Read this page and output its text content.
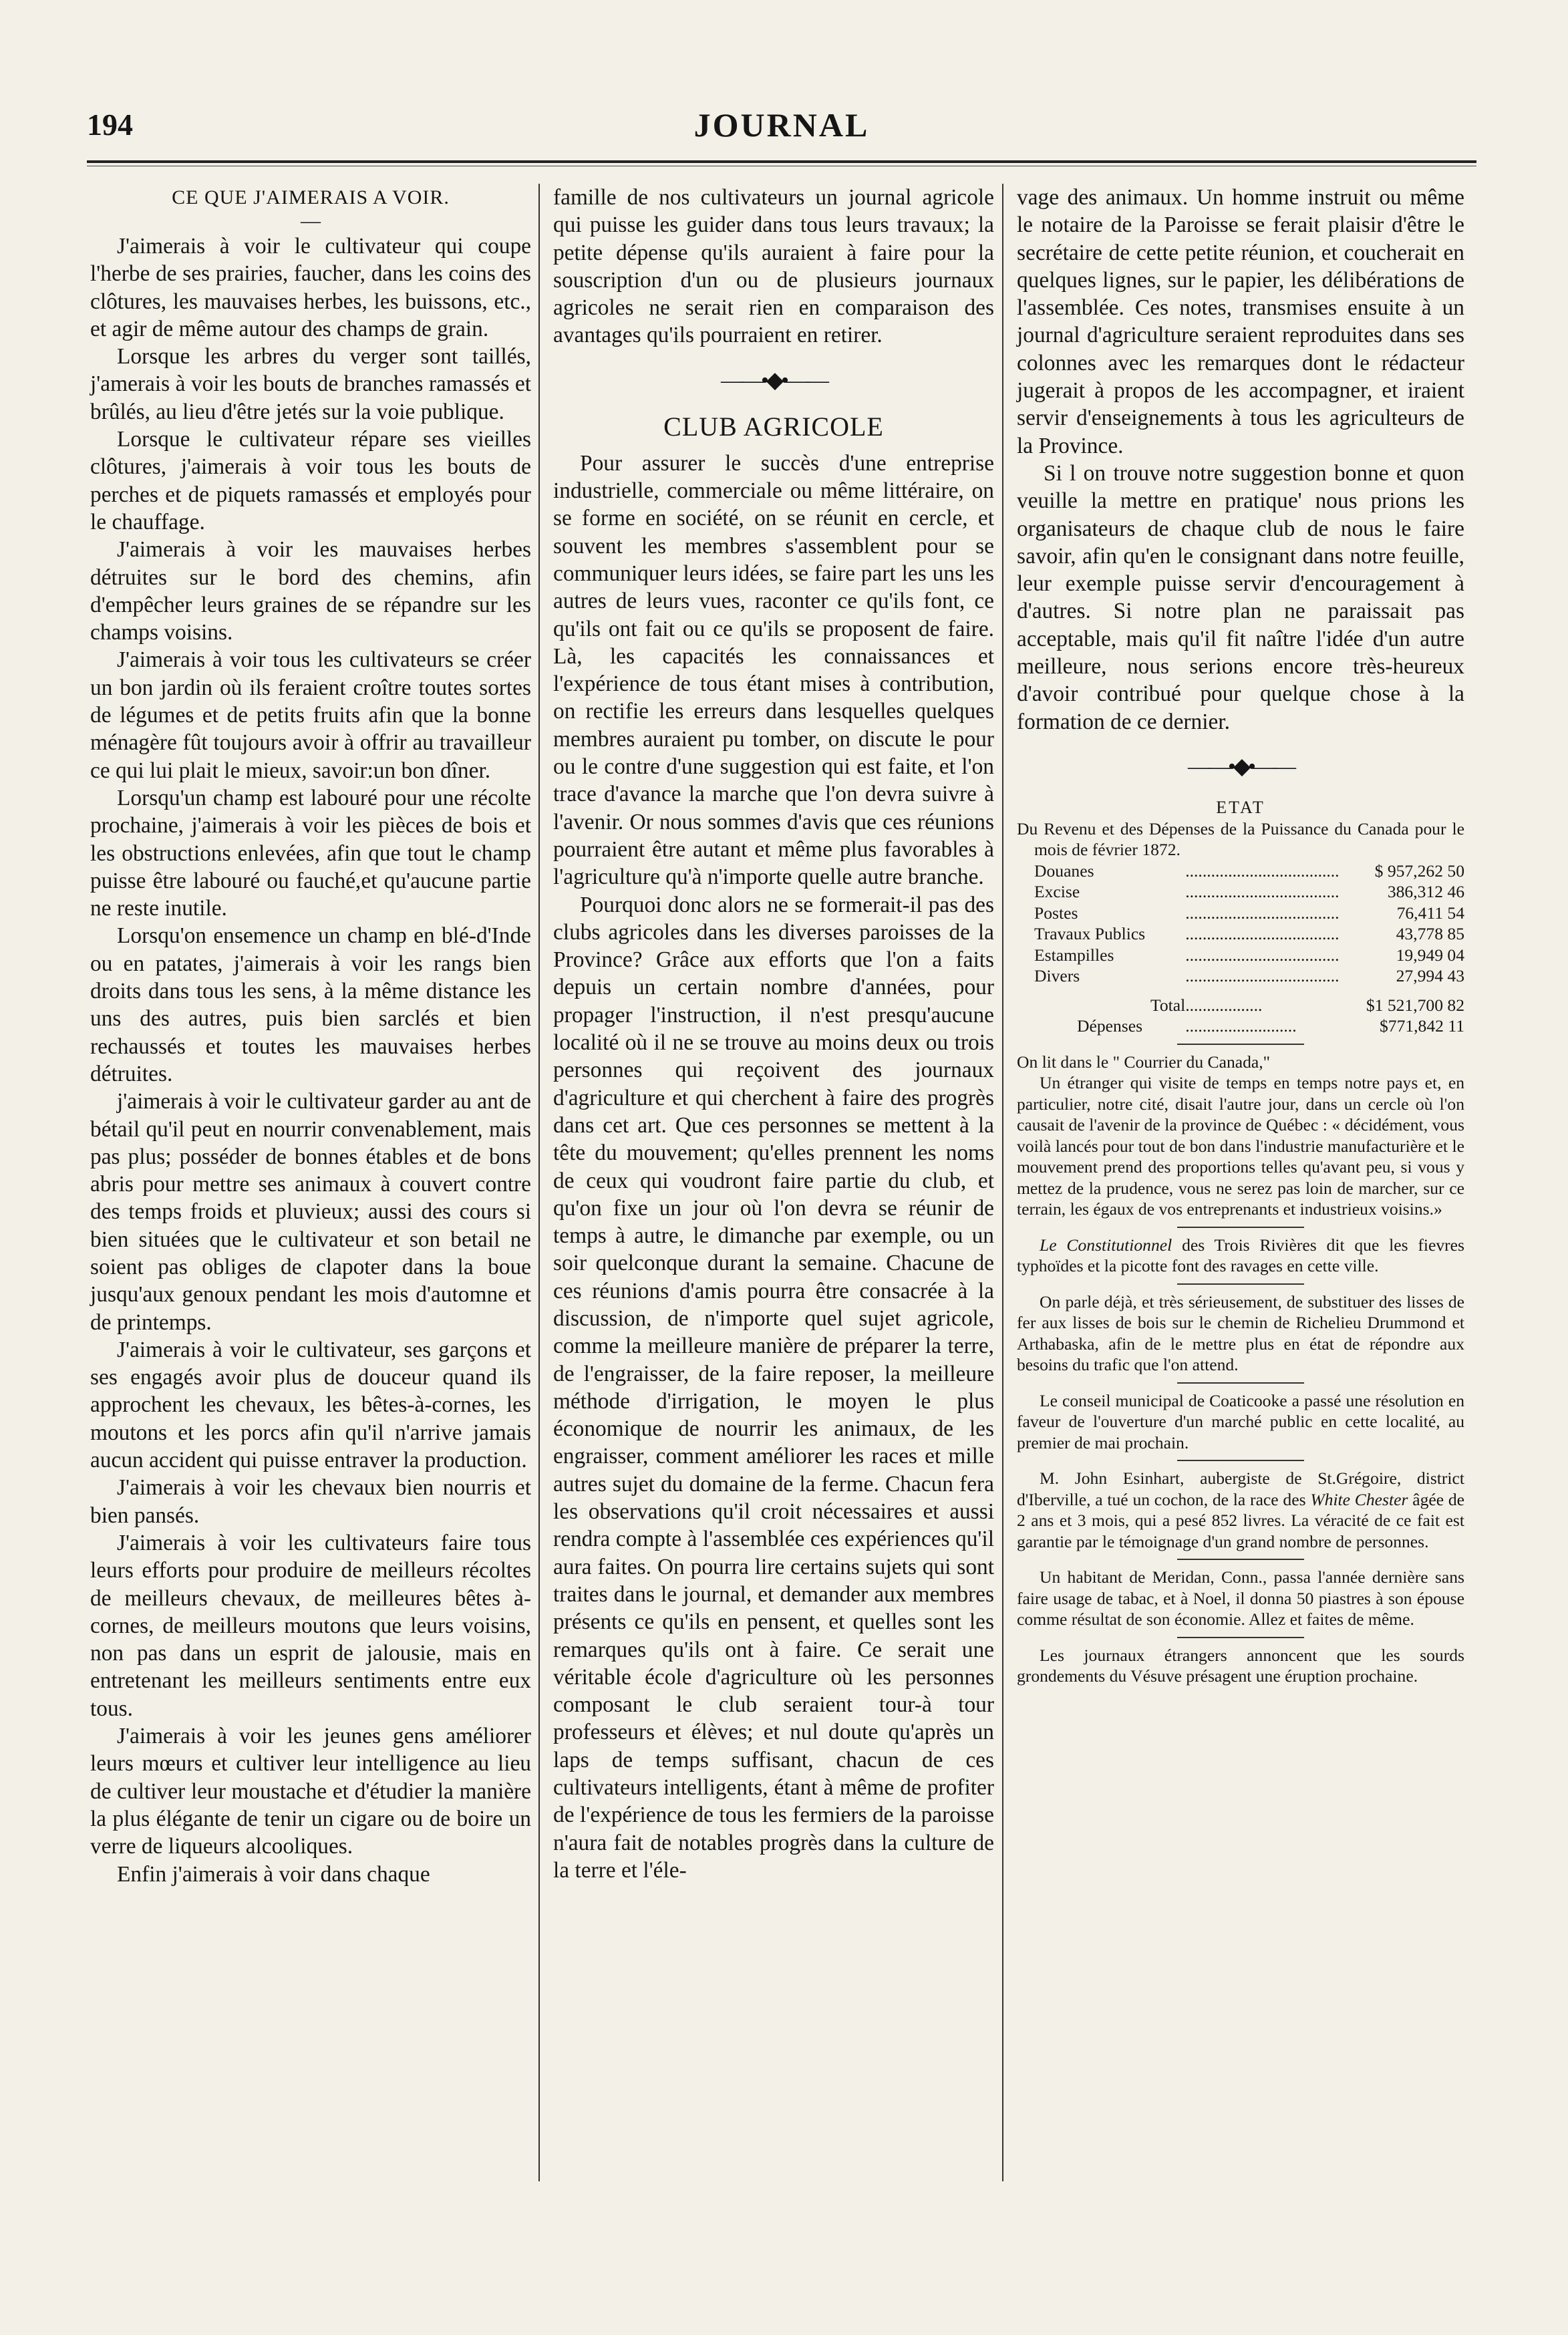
194	JOURNAL
CE QUE J'AIMERAIS A VOIR.
—

J'aimerais à voir le cultivateur qui coupe l'herbe de ses prairies, faucher, dans les coins des clôtures, les mauvaises herbes, les buissons, etc., et agir de même autour des champs de grain.

Lorsque les arbres du verger sont taillés, j'amerais à voir les bouts de branches ramassés et brûlés, au lieu d'être jetés sur la voie publique.

Lorsque le cultivateur répare ses vieilles clôtures, j'aimerais à voir tous les bouts de perches et de piquets ramassés et employés pour le chauffage.

J'aimerais à voir les mauvaises herbes détruites sur le bord des chemins, afin d'empêcher leurs graines de se répandre sur les champs voisins.

J'aimerais à voir tous les cultivateurs se créer un bon jardin où ils feraient croître toutes sortes de légumes et de petits fruits afin que la bonne ménagère fût toujours avoir à offrir au travailleur ce qui lui plait le mieux, savoir:un bon dîner.

Lorsqu'un champ est labouré pour une récolte prochaine, j'aimerais à voir les pièces de bois et les obstructions enlevées, afin que tout le champ puisse être labouré ou fauché,et qu'aucune partie ne reste inutile.

Lorsqu'on ensemence un champ en blé-d'Inde ou en patates, j'aimerais à voir les rangs bien droits dans tous les sens, à la même distance les uns des autres, puis bien sarclés et bien rechaussés et toutes les mauvaises herbes détruites.

j'aimerais à voir le cultivateur garder au ant de bétail qu'il peut en nourrir convenablement, mais pas plus; posséder de bonnes étables et de bons abris pour mettre ses animaux à couvert contre des temps froids et pluvieux; aussi des cours si bien situées que le cultivateur et son betail ne soient pas obliges de clapoter dans la boue jusqu'aux genoux pendant les mois d'automne et de printemps.

J'aimerais à voir le cultivateur, ses garçons et ses engagés avoir plus de douceur quand ils approchent les chevaux, les bêtes-à-cornes, les moutons et les porcs afin qu'il n'arrive jamais aucun accident qui puisse entraver la production.

J'aimerais à voir les chevaux bien nourris et bien pansés.

J'aimerais à voir les cultivateurs faire tous leurs efforts pour produire de meilleurs récoltes de meilleurs chevaux, de meilleures bêtes à-cornes, de meilleurs moutons que leurs voisins, non pas dans un esprit de jalousie, mais en entretenant les meilleurs sentiments entre eux tous.

J'aimerais à voir les jeunes gens améliorer leurs mœurs et cultiver leur intelligence au lieu de cultiver leur moustache et d'étudier la manière la plus élégante de tenir un cigare ou de boire un verre de liqueurs alcooliques.

Enfin j'aimerais à voir dans chaque

famille de nos cultivateurs un journal agricole qui puisse les guider dans tous leurs travaux; la petite dépense qu'ils auraient à faire pour la souscription d'un ou de plusieurs journaux agricoles ne serait rien en comparaison des avantages qu'ils pourraient en retirer.

——•◆•——
CLUB AGRICOLE

Pour assurer le succès d'une entreprise industrielle, commerciale ou même littéraire, on se forme en société, on se réunit en cercle, et souvent les membres s'assemblent pour se communiquer leurs idées, se faire part les uns les autres de leurs vues, raconter ce qu'ils font, ce qu'ils ont fait ou ce qu'ils se proposent de faire. Là, les capacités les connaissances et l'expérience de tous étant mises à contribution, on rectifie les erreurs dans lesquelles quelques membres auraient pu tomber, on discute le pour ou le contre d'une suggestion qui est faite, et l'on trace d'avance la marche que l'on devra suivre à l'avenir. Or nous sommes d'avis que ces réunions pourraient être autant et même plus favorables à l'agriculture qu'à n'importe quelle autre branche.

Pourquoi donc alors ne se formerait-il pas des clubs agricoles dans les diverses paroisses de la Province? Grâce aux efforts que l'on a faits depuis un certain nombre d'années, pour propager l'instruction, il n'est presqu'aucune localité où il ne se trouve au moins deux ou trois personnes qui reçoivent des journaux d'agriculture et qui cherchent à faire des progrès dans cet art. Que ces personnes se mettent à la tête du mouvement; qu'elles prennent les noms de ceux qui voudront faire partie du club, et qu'on fixe un jour où l'on devra se réunir de temps à autre, le dimanche par exemple, ou un soir quelconque durant la semaine. Chacune de ces réunions d'amis pourra être consacrée à la discussion, de n'importe quel sujet agricole, comme la meilleure manière de préparer la terre, de l'engraisser, de la faire reposer, la meilleure méthode d'irrigation, le moyen le plus économique de nourrir les animaux, de les engraisser, comment améliorer les races et mille autres sujet du domaine de la ferme. Chacun fera les observations qu'il croit nécessaires et aussi rendra compte à l'assemblée ces expériences qu'il aura faites. On pourra lire certains sujets qui sont traites dans le journal, et demander aux membres présents ce qu'ils en pensent, et quelles sont les remarques qu'ils ont à faire. Ce serait une véritable école d'agriculture où les personnes composant le club seraient tour-à tour professeurs et élèves; et nul doute qu'après un laps de temps suffisant, chacun de ces cultivateurs intelligents, étant à même de profiter de l'expérience de tous les fermiers de la paroisse n'aura fait de notables progrès dans la culture de la terre et l'éle-

vage des animaux. Un homme instruit ou même le notaire de la Paroisse se ferait plaisir d'être le secrétaire de cette petite réunion, et coucherait en quelques lignes, sur le papier, les délibérations de l'assemblée. Ces notes, transmises ensuite à un journal d'agriculture seraient reproduites dans ses colonnes avec les remarques dont le rédacteur jugerait à propos de les accompagner, et iraient servir d'enseignements à tous les agriculteurs de la Province.

Si l on trouve notre suggestion bonne et quon veuille la mettre en pratique' nous prions les organisateurs de chaque club de nous le faire savoir, afin qu'en le consignant dans notre feuille, leur exemple puisse servir d'encouragement à d'autres. Si notre plan ne paraissait pas acceptable, mais qu'il fit naître l'idée d'un autre meilleure, nous serions encore très-heureux d'avoir contribué pour quelque chose à la formation de ce dernier.

——•◆•——
ETAT

Du Revenu et des Dépenses de la Puissance du Canada pour le mois de février 1872.

Douanes	....................................	$ 957,262 50
Excise	....................................	386,312 46
Postes	....................................	76,411 54
Travaux Publics	....................................	43,778 85
Estampilles	....................................	19,949 04
Divers	....................................	27,994 43
Total	..................	$1 521,700 82
Dépenses	..........................	$771,842 11

On lit dans le " Courrier du Canada,"

Un étranger qui visite de temps en temps notre pays et, en particulier, notre cité, disait l'autre jour, dans un cercle où l'on causait de l'avenir de la province de Québec : « décidément, vous voilà lancés pour tout de bon dans l'industrie manufacturière et le mouvement prend des proportions telles qu'avant peu, si vous y mettez de la prudence, vous ne serez pas loin de marcher, sur ce terrain, les égaux de vos entreprenants et industrieux voisins.»

Le Constitutionnel des Trois Rivières dit que les fievres typhoïdes et la picotte font des ravages en cette ville.

On parle déjà, et très sérieusement, de substituer des lisses de fer aux lisses de bois sur le chemin de Richelieu Drummond et Arthabaska, afin de le mettre plus en état de répondre aux besoins du trafic que l'on attend.

Le conseil municipal de Coaticooke a passé une résolution en faveur de l'ouverture d'un marché public en cette localité, au premier de mai prochain.

M. John Esinhart, aubergiste de St.Grégoire, district d'Iberville, a tué un cochon, de la race des White Chester âgée de 2 ans et 3 mois, qui a pesé 852 livres. La véracité de ce fait est garantie par le témoignage d'un grand nombre de personnes.

Un habitant de Meridan, Conn., passa l'année dernière sans faire usage de tabac, et à Noel, il donna 50 piastres à son épouse comme résultat de son économie. Allez et faites de même.

Les journaux étrangers annoncent que les sourds grondements du Vésuve présagent une éruption prochaine.
